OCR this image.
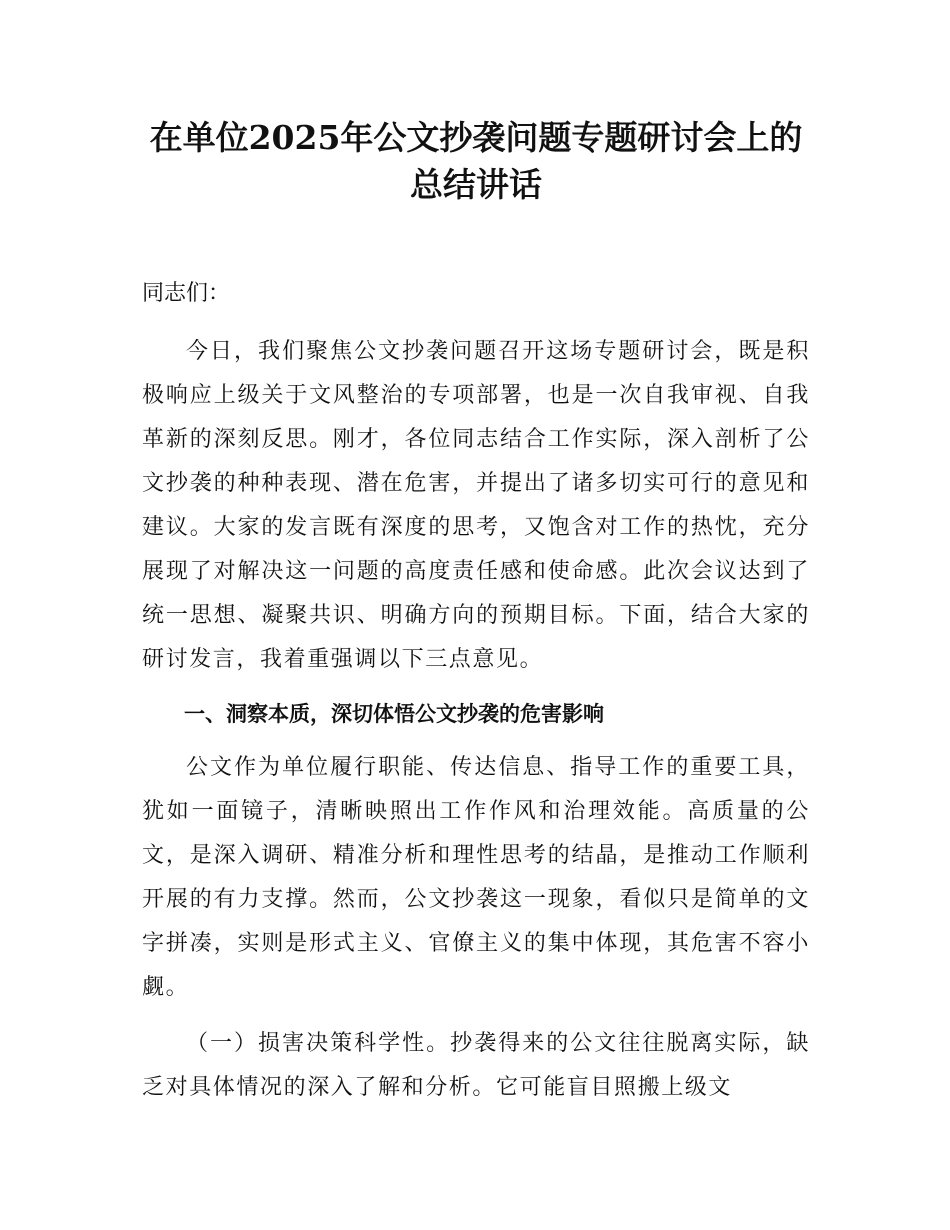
在单位2025年公文抄袭问题专题研讨会上的
总结讲话

同志们：

今日，我们聚焦公文抄袭问题召开这场专题研讨会，既是积极响应上级关于文风整治的专项部署，也是一次自我审视、自我革新的深刻反思。刚才，各位同志结合工作实际，深入剖析了公文抄袭的种种表现、潜在危害，并提出了诸多切实可行的意见和建议。大家的发言既有深度的思考，又饱含对工作的热忱，充分展现了对解决这一问题的高度责任感和使命感。此次会议达到了统一思想、凝聚共识、明确方向的预期目标。下面，结合大家的研讨发言，我着重强调以下三点意见。

一、洞察本质，深切体悟公文抄袭的危害影响

公文作为单位履行职能、传达信息、指导工作的重要工具，犹如一面镜子，清晰映照出工作作风和治理效能。高质量的公文，是深入调研、精准分析和理性思考的结晶，是推动工作顺利开展的有力支撑。然而，公文抄袭这一现象，看似只是简单的文字拼凑，实则是形式主义、官僚主义的集中体现，其危害不容小觑。

（一）损害决策科学性。抄袭得来的公文往往脱离实际，缺乏对具体情况的深入了解和分析。它可能盲目照搬上级文
